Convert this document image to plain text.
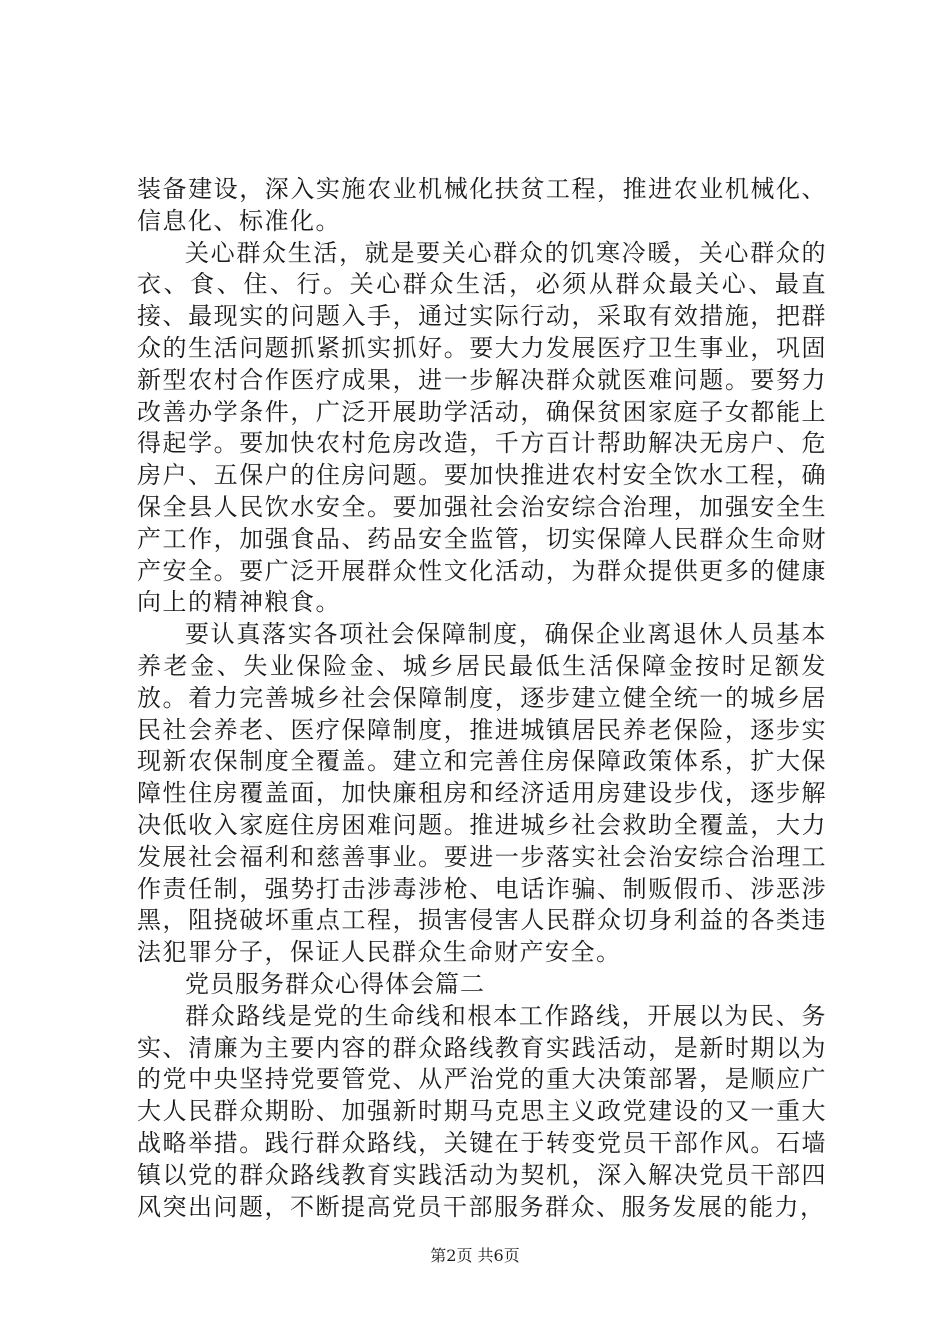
装备建设，深入实施农业机械化扶贫工程，推进农业机械化、信息化、标准化。

关心群众生活，就是要关心群众的饥寒冷暖，关心群众的衣、食、住、行。关心群众生活，必须从群众最关心、最直接、最现实的问题入手，通过实际行动，采取有效措施，把群众的生活问题抓紧抓实抓好。要大力发展医疗卫生事业，巩固新型农村合作医疗成果，进一步解决群众就医难问题。要努力改善办学条件，广泛开展助学活动，确保贫困家庭子女都能上得起学。要加快农村危房改造，千方百计帮助解决无房户、危房户、五保户的住房问题。要加快推进农村安全饮水工程，确保全县人民饮水安全。要加强社会治安综合治理，加强安全生产工作，加强食品、药品安全监管，切实保障人民群众生命财产安全。要广泛开展群众性文化活动，为群众提供更多的健康向上的精神粮食。

要认真落实各项社会保障制度，确保企业离退休人员基本养老金、失业保险金、城乡居民最低生活保障金按时足额发放。着力完善城乡社会保障制度，逐步建立健全统一的城乡居民社会养老、医疗保障制度，推进城镇居民养老保险，逐步实现新农保制度全覆盖。建立和完善住房保障政策体系，扩大保障性住房覆盖面，加快廉租房和经济适用房建设步伐，逐步解决低收入家庭住房困难问题。推进城乡社会救助全覆盖，大力发展社会福利和慈善事业。要进一步落实社会治安综合治理工作责任制，强势打击涉毒涉枪、电话诈骗、制贩假币、涉恶涉黑，阻挠破坏重点工程，损害侵害人民群众切身利益的各类违法犯罪分子，保证人民群众生命财产安全。

党员服务群众心得体会篇二

群众路线是党的生命线和根本工作路线，开展以为民、务实、清廉为主要内容的群众路线教育实践活动，是新时期以为的党中央坚持党要管党、从严治党的重大决策部署，是顺应广大人民群众期盼、加强新时期马克思主义政党建设的又一重大战略举措。践行群众路线，关键在于转变党员干部作风。石墙镇以党的群众路线教育实践活动为契机，深入解决党员干部四风突出问题，不断提高党员干部服务群众、服务发展的能力，

第2页 共6页
